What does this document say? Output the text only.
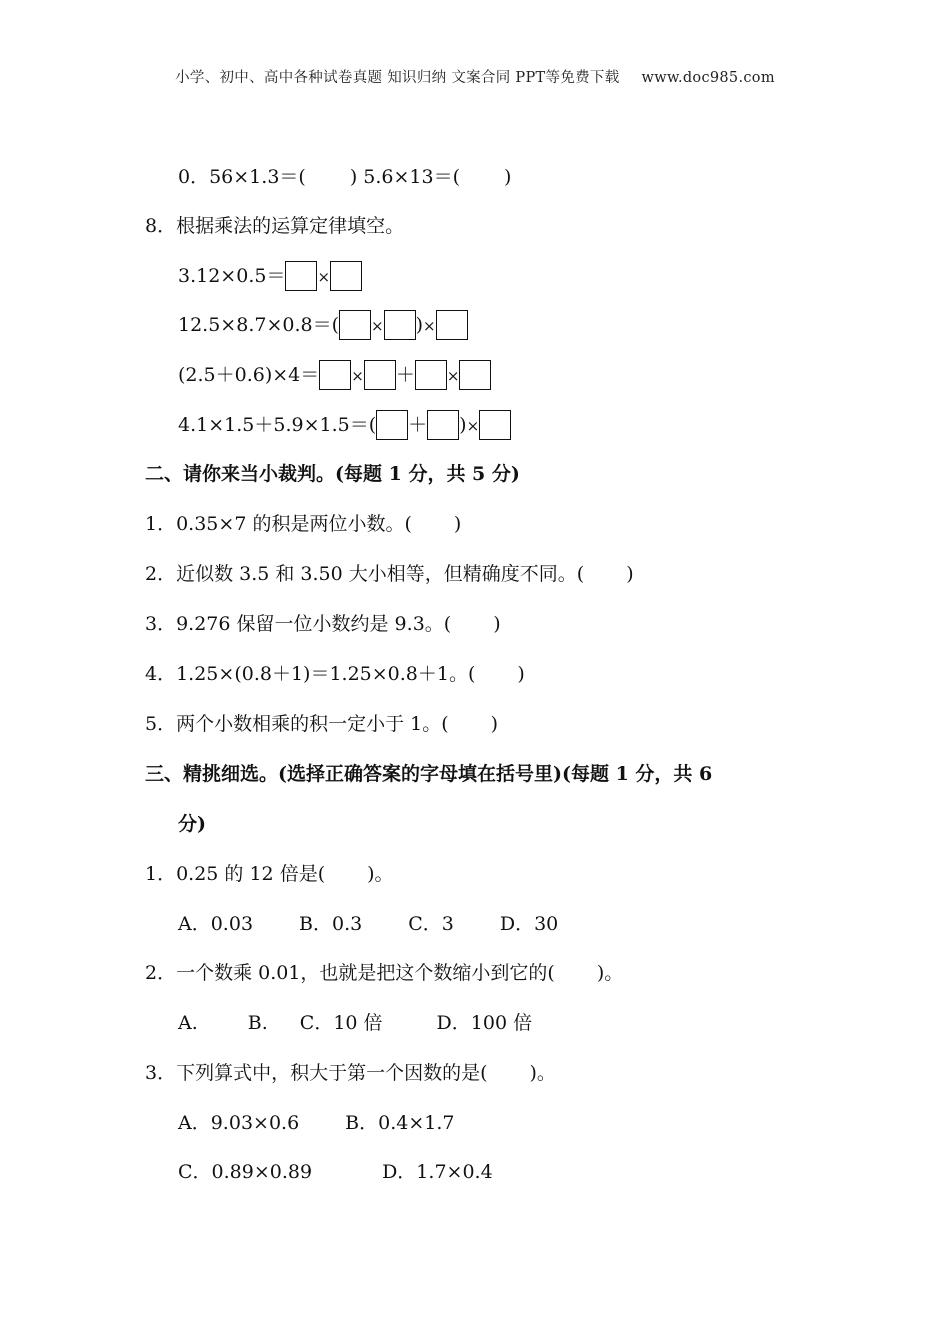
小学、初中、高中各种试卷真题 知识归纳 文案合同 PPT等免费下载 www.doc985.com
0．56×1.3＝( ) 5.6×13＝( )
8．根据乘法的运算定律填空。
3.12×0.5＝ ×
12.5×8.7×0.8＝( × )×
(2.5＋0.6)×4＝ × ＋ ×
4.1×1.5＋5.9×1.5＝( ＋ )×
二、请你来当小裁判。(每题 1 分，共 5 分)
1．0.35×7 的积是两位小数。( )
2．近似数 3.5 和 3.50 大小相等，但精确度不同。( )
3．9.276 保留一位小数约是 9.3。( )
4．1.25×(0.8＋1)＝1.25×0.8＋1。( )
5．两个小数相乘的积一定小于 1。( )
三、精挑细选。(选择正确答案的字母填在括号里)(每题 1 分，共 6
分)
1．0.25 的 12 倍是( )。
A．0.03 B．0.3 C．3 D．30
2．一个数乘 0.01，也就是把这个数缩小到它的( )。
A.	B. C．10 倍	D．100 倍
3．下列算式中，积大于第一个因数的是( )。
A．9.03×0.6 B．0.4×1.7
C．0.89×0.89	D．1.7×0.4
